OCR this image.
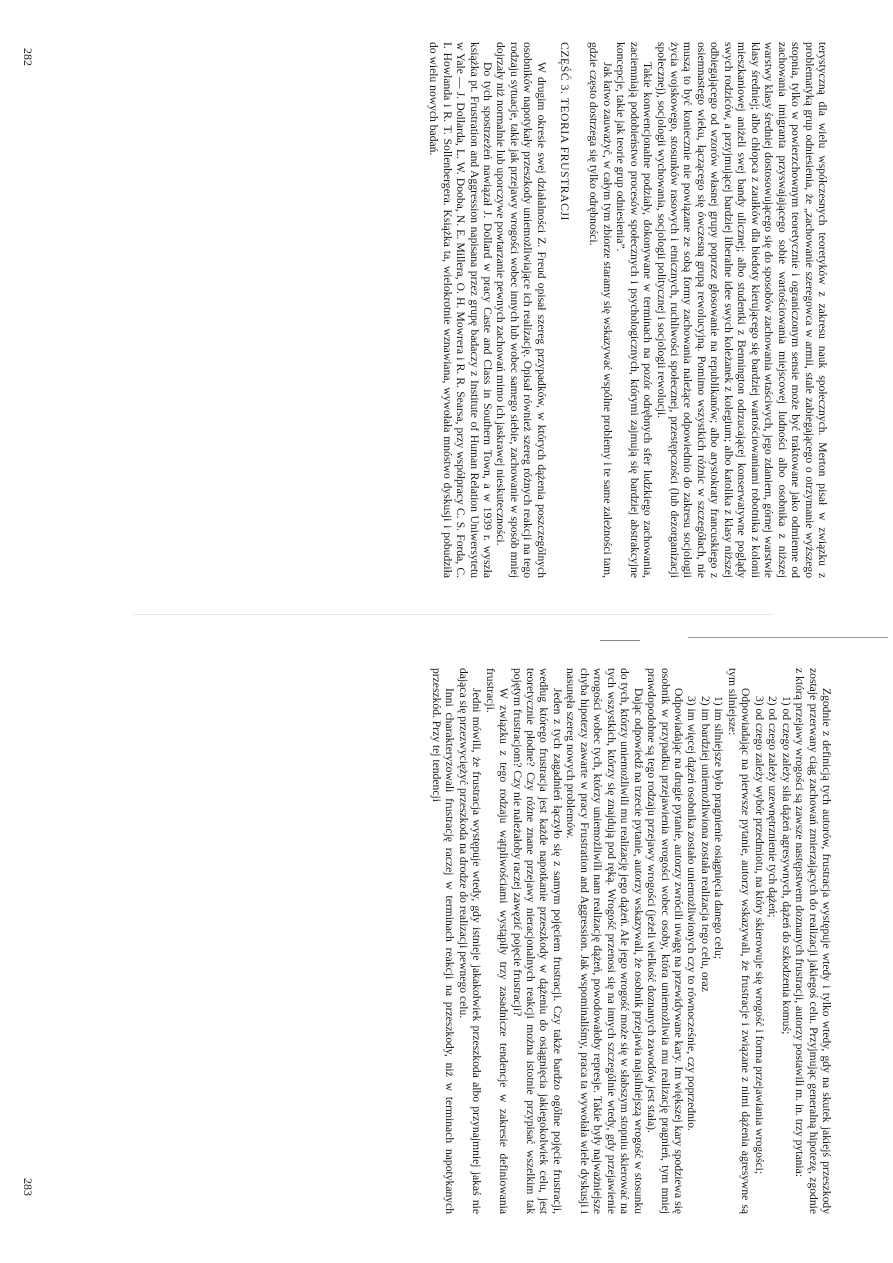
terystyczną dla wielu współczesnych teoretyków z zakresu nauk społecznych. Merton pisał w związku z problematyką grup odniesienia, że „zachowanie szeregowca w armii, stale zabiegającego o otrzymanie wyższego stopnia, tylko w powierzchownym teoretycznie i ograniczonym sensie może być traktowane jako odmienne od zachowania imigranta przyswajającego sobie wartościowania miejscowej ludności albo osobnika z niższej warstwy klasy średniej dostosowującego się do sposobów zachowania wtaściwych, jego zdaniem, górnej warstwie klasy średniej; albo chłopca z zaułków dla biedoty kierującego się bardziej wartościowaniami robotnika z kolonii mieszkaniowej aniżeli swej bandy ulicznej; albo studentki z Bennington odrzucającej konserwatywne poglądy swych rodziców, a przyjmującej bardziej liberalne idee swych koleżanek z kolegium; albo katolika z klasy niższej odbiegającego od wzorów własnej grupy poprzez głosowanie na republikanów; albo arystokraty francuskiego z osiemnastego wieku, łączącego się ówczesną grupą rewolucyjną. Pomimo wszystkich różnic w szczegółach, nie muszą to być koniecznie nie powiązane ze sobą formy zachowania należące odpowiednio do zakresu socjologii życia wojskowego, stosunków rasowych i etnicznych, ruchliwości społecznej, przestępczości (lub dezorganizacji społecznej), socjologii wychowania, socjologii politycznej i socjologii rewolucji.

Takie konwencjonalne podziały, dokonywane w terminach na pozór odrębnych sfer ludzkiego zachowania, zaciemniają podobieństwo procesów społecznych i psychologicznych, którymi zajmują się bardziej abstrakcyjne koncepcje, takie jak teorie grup odniesienia”.

Jak łatwo zauważyć, w całym tym zbiorze staramy się wskazywać wspólne problemy i te same zależności tam, gdzie często dostrzega się tylko odrębności.

CZĘŚĆ 3. TEORIA FRUSTRACJI

W drugim okresie swej działalności Z. Freud opisał szereg przypadków, w których dążenia poszczególnych osobników napotykały przeszkody uniemożliwiające ich realizację. Opisał również szereg różnych reakcji na tego rodzaju sytuacje, takie jak przejawy wrogości wobec innych lub wobec samego siebie, zachowanie w sposób mniej dojrzały niż normalnie lub uporczywe powtarzanie pewnych zachowań mimo ich jaskrawej nieskuteczności.

Do tych spostrzeżeń nawiązał J. Dollard w pracy Caste and Class in Southern Town, a w 1939 r. wyszła książka pt. Frustration and Aggression napisana przez grupę badaczy z Institute of Human Relation Uniwersytetu w Yale — J. Dollarda, L. W. Dooba, N. E. Millera, O. H. Mowrera i R. R. Searsa, przy współpracy C. S. Forda, C. I. Howlanda i R. T. Sollenbergera. Książka ta, wielokrotnie wznawiana, wywołała mnóstwo dyskusji i pobudziła do wielu nowych badań.

282

Zgodnie z definicją tych autorów, frustracja występuje wtedy i tylko wtedy, gdy na skutek jakiejś przeszkody zostaje przerwany ciąg zachowań zmierzających do realizacji jakiegoś celu. Przyjmując generalną hipotezę, zgodnie z którą przejawy wrogości są zawsze następstwem doznanych frustracji, autorzy postawili m. in. trzy pytania:

1) od czego zależy siła dążeń agresywnych, dążeń do szkodzenia komuś;

2) od czego zależy uzewnętrznienie tych dążeń;

3) od czego zależy wybór przedmiotu, na który skierowuje się wrogość i forma przejawiania wrogości;

Odpowiadając na pierwsze pytanie, autorzy wskazywali, że frustracje i związane z nimi dążenia agresywne są tym silniejsze:

1) im silniejsze było pragnienie osiągnięcia danego celu;

2) im bardziej uniemożliwiona została realizacja tego celu, oraz

3) im więcej dążeń osobnika zostało uniemożliwionych czy to równocześnie, czy poprzednio.

Odpowiadając na drugie pytanie, autorzy zwrócili uwagę na przewidywane kary. Im większej kary spodziewa się osobnik w przypadku przejawienia wrogości wobec osoby, która uniemożliwia mu realizację pragnień, tym mniej prawdopodobne są tego rodzaju przejawy wrogości (jeżeli wielkość doznanych zawodów jest stała).

Dając odpowiedź na trzecie pytanie, autorzy wskazywali, że osobnik przejawia najsilniejszą wrogość w stosunku do tych, którzy uniemożliwili mu realizację jego dążeń. Ale jego wrogość może się w słabszym stopniu skierować na tych wszystkich, którzy się znajdują pod ręką. Wrogość przenosi się na innych szczególnie wtedy, gdy przejawienie wrogości wobec tych, którzy uniemożliwili nam realizację dążeń, powodowałoby represje. Takie były najważniejsze chyba hipotezy zawarte w pracy Frustration and Aggression. Jak wspominaliśmy, praca ta wywołała wiele dyskusji i nasunęła szereg nowych problemów.

Jeden z tych zagadnień łączyło się z samym pojęciem frustracji. Czy także bardzo ogólne pojęcie frustracji, według którego frustracja jest każde napotkanie przeszkody w dążeniu do osiągnięcia jakiegokolwiek celu, jest teoretycznie płodne? Czy różne znane przejawy nieracjonalnych reakcji można istotnie przypisać wszelkim tak pojętym frustracjom? Czy nie należałoby raczej zawęzić pojęcie frustracji?

W związku z tego rodzaju wątpliwościami wystąpiły trzy zasadnicze tendencje w zakresie definiowania frustracji.

Jedni mówili, że frustracja występuje wtedy, gdy istnieje jakakolwiek przeszkoda albo przynajmniej jakaś nie dająca się przezwyciężyć przeszkoda na drodze do realizacji pewnego celu.

Inni charakteryzowali frustrację raczej w terminach reakcji na przeszkody, niż w terminach napotykanych przeszkód. Przy tej tendencji

283
